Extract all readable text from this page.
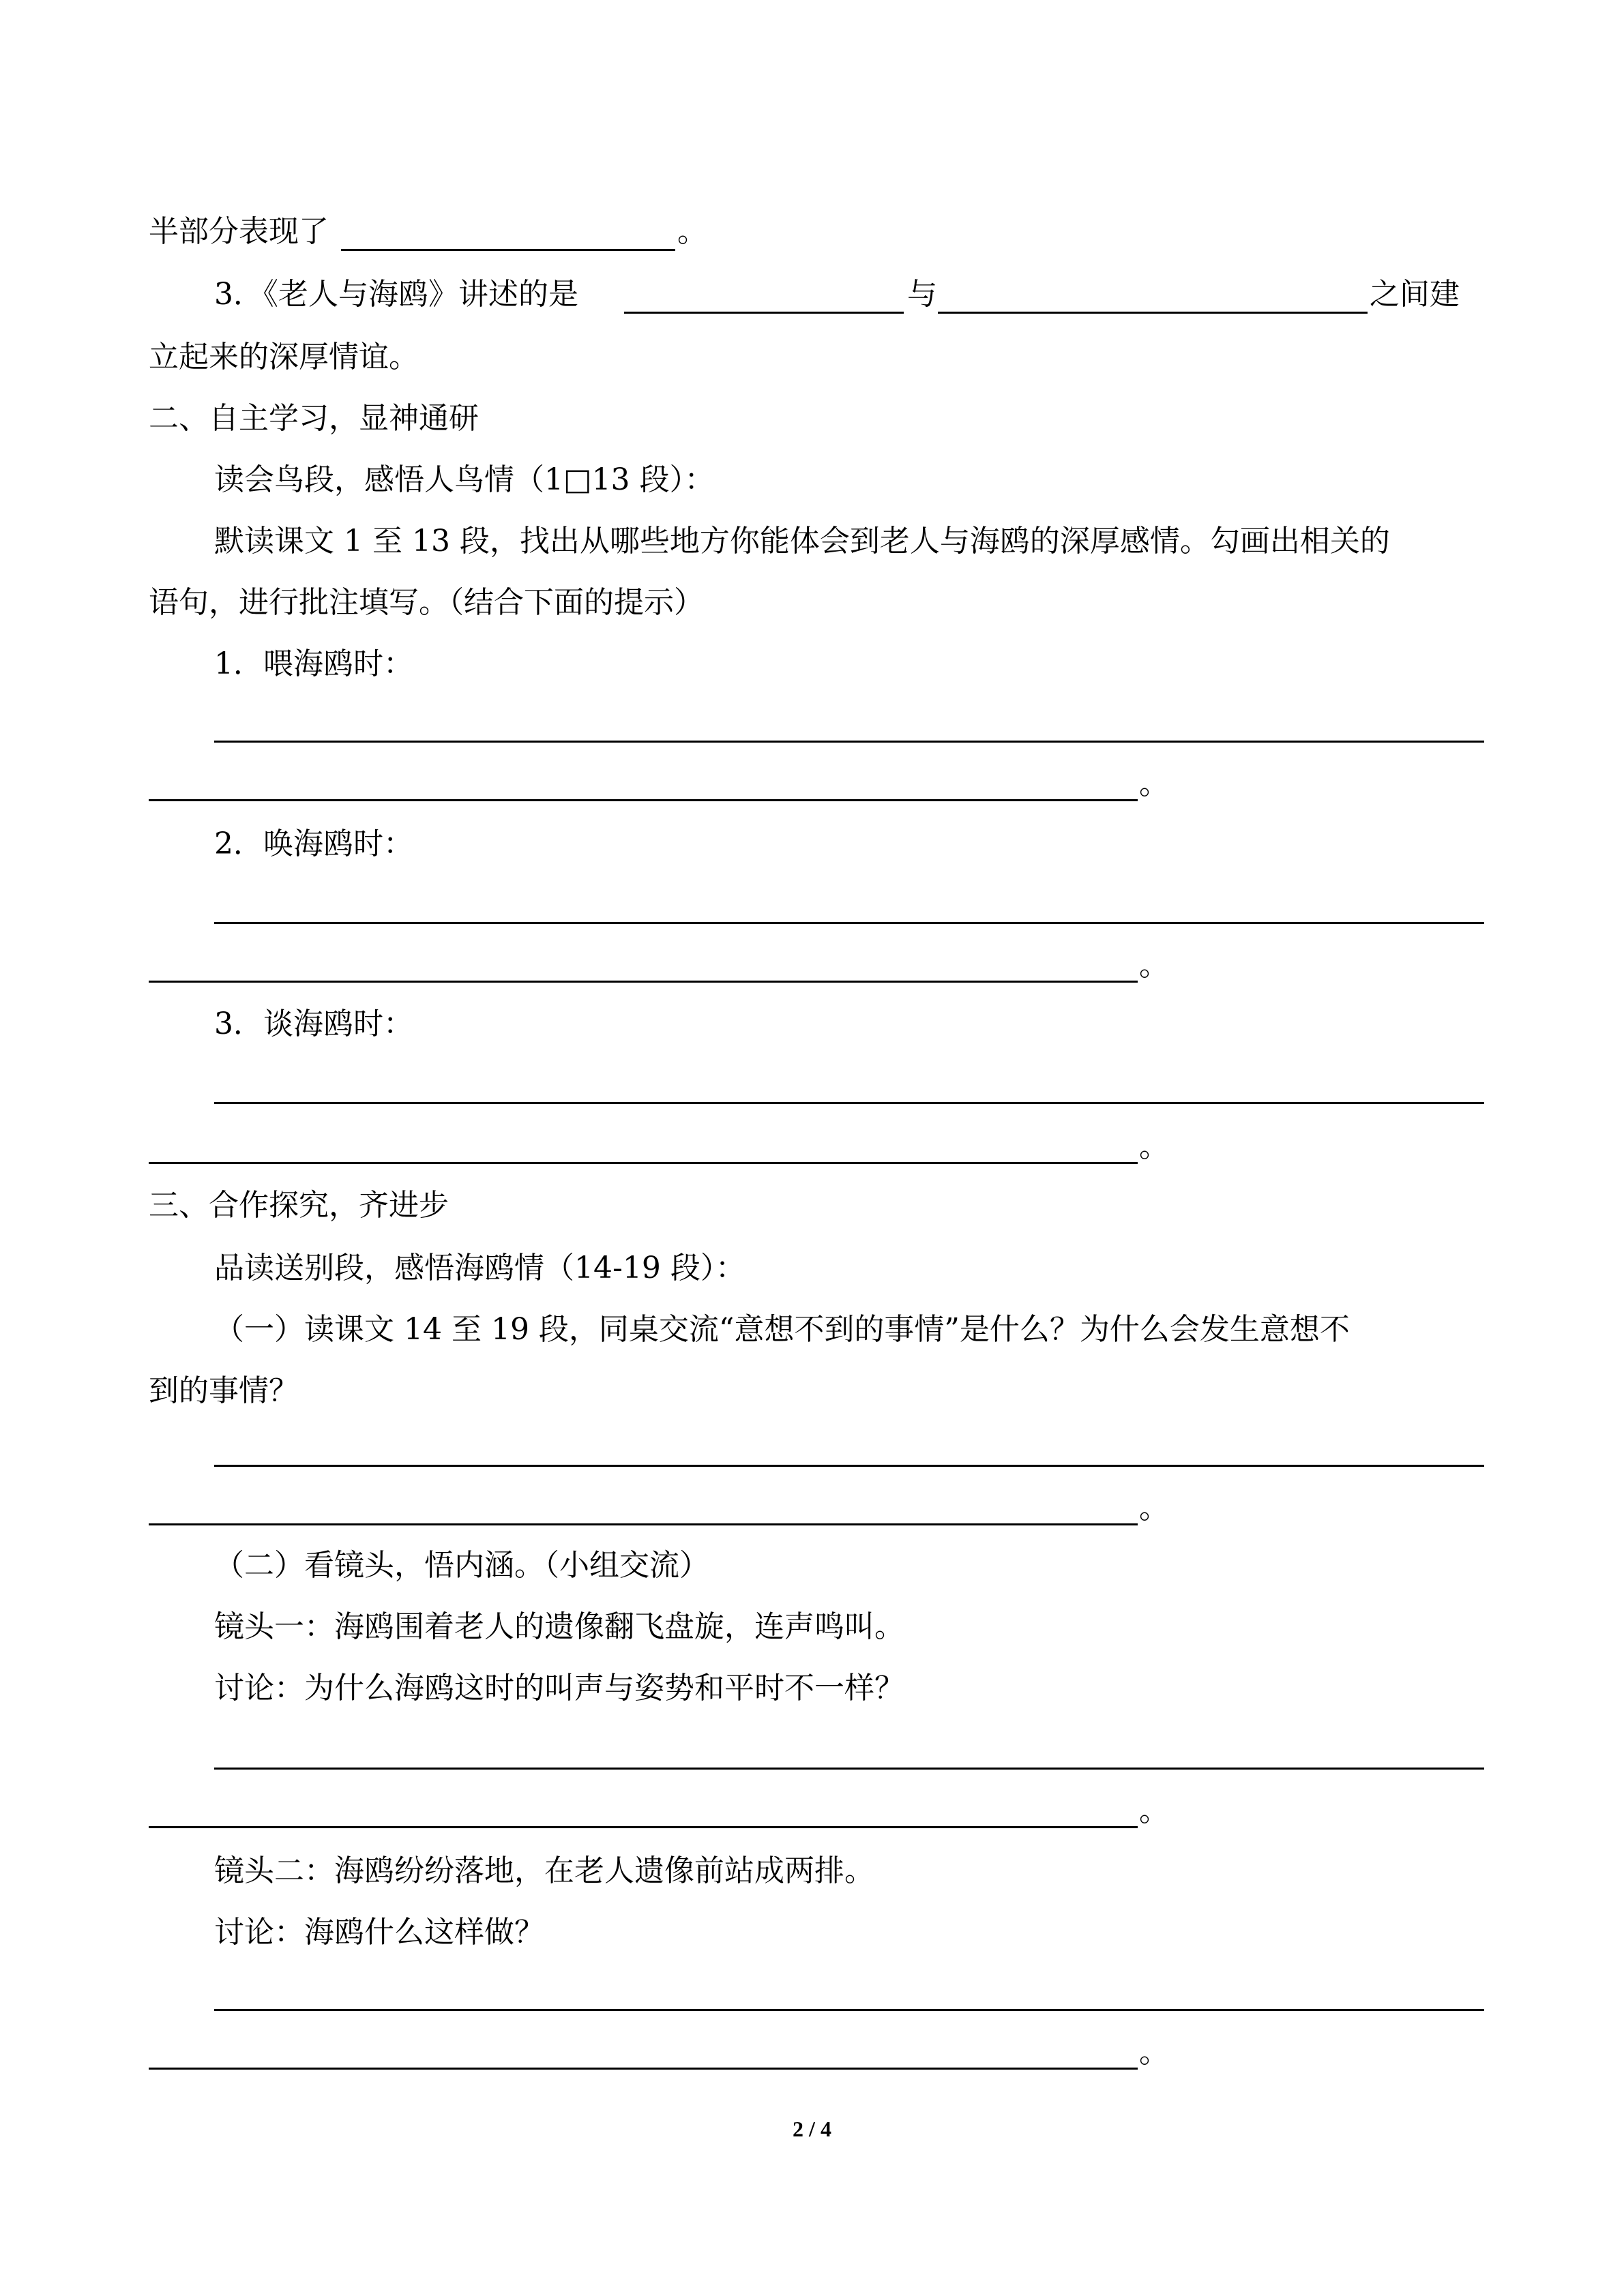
半部分表现了	。
3．《老人与海鸥》讲述的是	与	之间建
立起来的深厚情谊。
二、自主学习，显神通研
读会鸟段，感悟人鸟情（1□13 段）：
默读课文 1 至 13 段，找出从哪些地方你能体会到老人与海鸥的深厚感情。勾画出相关的
语句，进行批注填写。（结合下面的提示）
1．喂海鸥时：
。
2．唤海鸥时：
。
3．谈海鸥时：
。
三、合作探究，齐进步
品读送别段，感悟海鸥情（14-19 段）：
（一）读课文 14 至 19 段，同桌交流“意想不到的事情”是什么？为什么会发生意想不
到的事情？
。
（二）看镜头，悟内涵。（小组交流）
镜头一：海鸥围着老人的遗像翻飞盘旋，连声鸣叫。
讨论：为什么海鸥这时的叫声与姿势和平时不一样？
。
镜头二：海鸥纷纷落地，在老人遗像前站成两排。
讨论：海鸥什么这样做？
。
2 / 4
